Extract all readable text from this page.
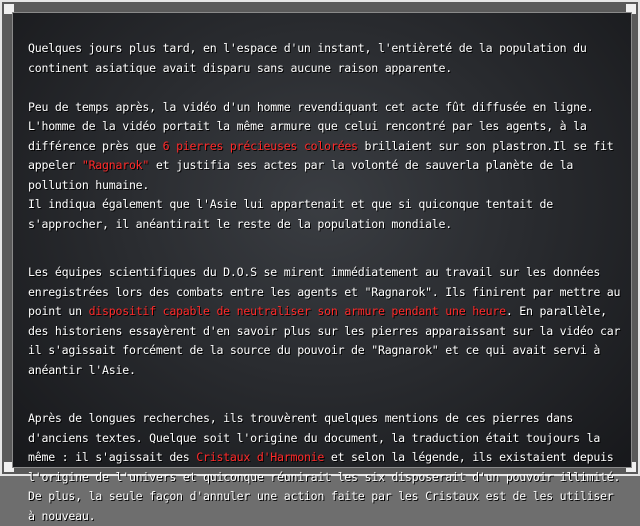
Quelques jours plus tard, en l'espace d'un instant, l'entièreté de la population du continent asiatique avait disparu sans aucune raison apparente.

Peu de temps après, la vidéo d'un homme revendiquant cet acte fût diffusée en ligne. L'homme de la vidéo portait la même armure que celui rencontré par les agents, à la différence près que 6 pierres précieuses colorées brillaient sur son plastron.Il se fit appeler "Ragnarok" et justifia ses actes par la volonté de sauverla planète de la pollution humaine.
Il indiqua également que l'Asie lui appartenait et que si quiconque tentait de s'approcher, il anéantirait le reste de la population mondiale.

Les équipes scientifiques du D.O.S se mirent immédiatement au travail sur les données enregistrées lors des combats entre les agents et "Ragnarok". Ils finirent par mettre au point un dispositif capable de neutraliser son armure pendant une heure. En parallèle, des historiens essayèrent d'en savoir plus sur les pierres apparaissant sur la vidéo car il s'agissait forcément de la source du pouvoir de "Ragnarok" et ce qui avait servi à anéantir l'Asie.

Après de longues recherches, ils trouvèrent quelques mentions de ces pierres dans d'anciens textes. Quelque soit l'origine du document, la traduction était toujours la même : il s'agissait des Cristaux d'Harmonie et selon la légende, ils existaient depuis l'origine de l'univers et quiconque réunirait les six disposerait d'un pouvoir illimité. De plus, la seule façon d'annuler une action faite par les Cristaux est de les utiliser à nouveau.
